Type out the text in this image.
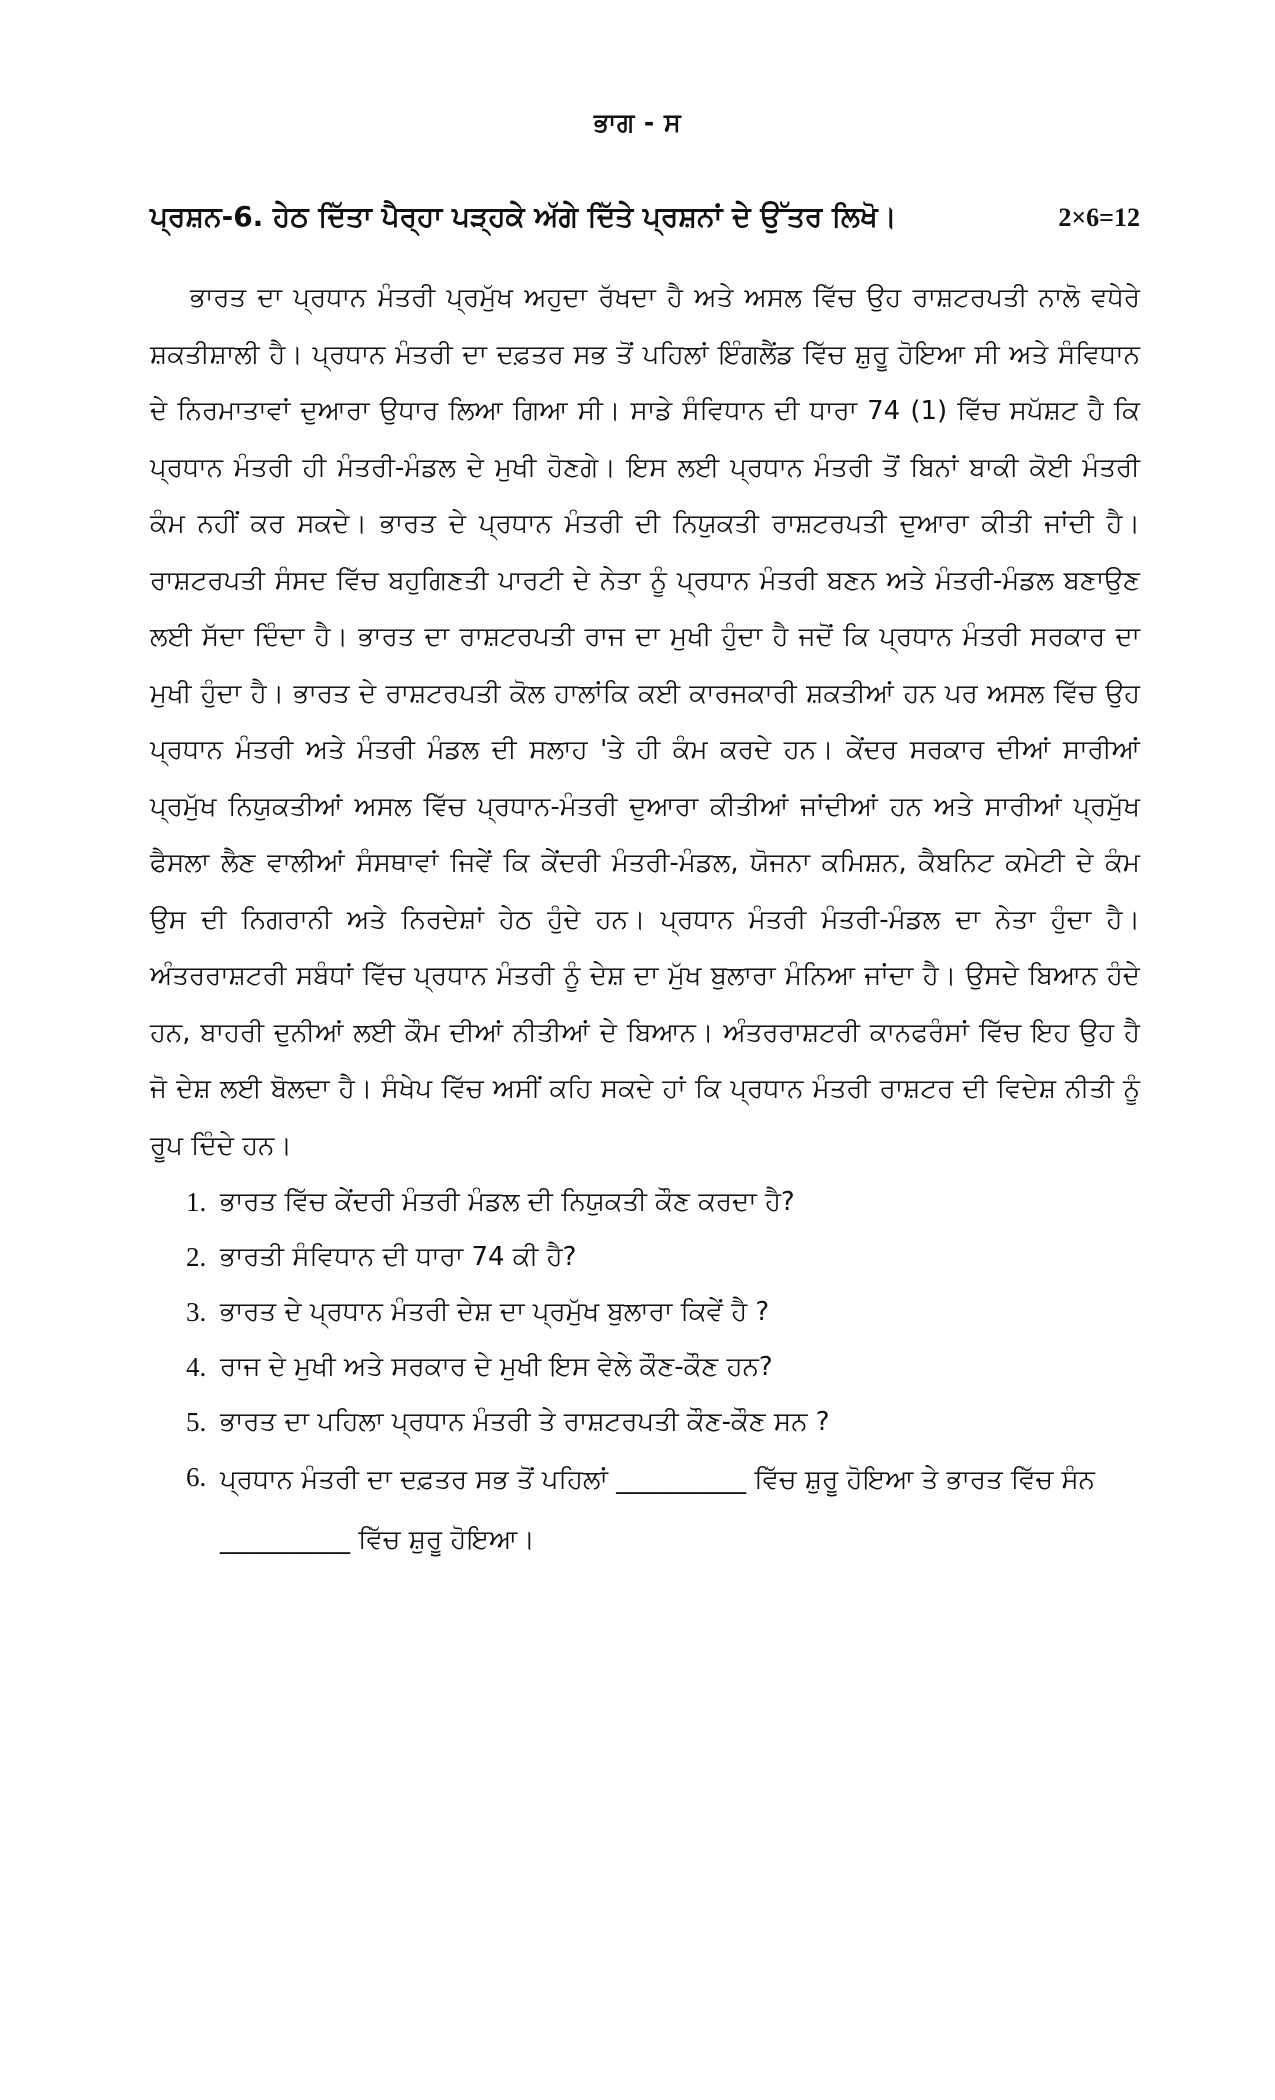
ਭਾਗ - ਸ
ਪ੍ਰਸ਼ਨ-6. ਹੇਠ ਦਿੱਤਾ ਪੈਰ੍ਹਾ ਪੜ੍ਹਕੇ ਅੱਗੇ ਦਿੱਤੇ ਪ੍ਰਸ਼ਨਾਂ ਦੇ ਉੱਤਰ ਲਿਖੋ।	2×6=12

ਭਾਰਤ ਦਾ ਪ੍ਰਧਾਨ ਮੰਤਰੀ ਪ੍ਰਮੁੱਖ ਅਹੁਦਾ ਰੱਖਦਾ ਹੈ ਅਤੇ ਅਸਲ ਵਿੱਚ ਉਹ ਰਾਸ਼ਟਰਪਤੀ ਨਾਲੋ ਵਧੇਰੇ ਸ਼ਕਤੀਸ਼ਾਲੀ ਹੈ। ਪ੍ਰਧਾਨ ਮੰਤਰੀ ਦਾ ਦਫ਼ਤਰ ਸਭ ਤੋਂ ਪਹਿਲਾਂ ਇੰਗਲੈਂਡ ਵਿੱਚ ਸ਼ੁਰੂ ਹੋਇਆ ਸੀ ਅਤੇ ਸੰਵਿਧਾਨ ਦੇ ਨਿਰਮਾਤਾਵਾਂ ਦੁਆਰਾ ਉਧਾਰ ਲਿਆ ਗਿਆ ਸੀ। ਸਾਡੇ ਸੰਵਿਧਾਨ ਦੀ ਧਾਰਾ 74 (1) ਵਿੱਚ ਸਪੱਸ਼ਟ ਹੈ ਕਿ ਪ੍ਰਧਾਨ ਮੰਤਰੀ ਹੀ ਮੰਤਰੀ-ਮੰਡਲ ਦੇ ਮੁਖੀ ਹੋਣਗੇ। ਇਸ ਲਈ ਪ੍ਰਧਾਨ ਮੰਤਰੀ ਤੋਂ ਬਿਨਾਂ ਬਾਕੀ ਕੋਈ ਮੰਤਰੀ ਕੰਮ ਨਹੀਂ ਕਰ ਸਕਦੇ। ਭਾਰਤ ਦੇ ਪ੍ਰਧਾਨ ਮੰਤਰੀ ਦੀ ਨਿਯੁਕਤੀ ਰਾਸ਼ਟਰਪਤੀ ਦੁਆਰਾ ਕੀਤੀ ਜਾਂਦੀ ਹੈ। ਰਾਸ਼ਟਰਪਤੀ ਸੰਸਦ ਵਿੱਚ ਬਹੁਗਿਣਤੀ ਪਾਰਟੀ ਦੇ ਨੇਤਾ ਨੂੰ ਪ੍ਰਧਾਨ ਮੰਤਰੀ ਬਣਨ ਅਤੇ ਮੰਤਰੀ-ਮੰਡਲ ਬਣਾਉਣ ਲਈ ਸੱਦਾ ਦਿੰਦਾ ਹੈ। ਭਾਰਤ ਦਾ ਰਾਸ਼ਟਰਪਤੀ ਰਾਜ ਦਾ ਮੁਖੀ ਹੁੰਦਾ ਹੈ ਜਦੋਂ ਕਿ ਪ੍ਰਧਾਨ ਮੰਤਰੀ ਸਰਕਾਰ ਦਾ ਮੁਖੀ ਹੁੰਦਾ ਹੈ। ਭਾਰਤ ਦੇ ਰਾਸ਼ਟਰਪਤੀ ਕੋਲ ਹਾਲਾਂਕਿ ਕਈ ਕਾਰਜਕਾਰੀ ਸ਼ਕਤੀਆਂ ਹਨ ਪਰ ਅਸਲ ਵਿੱਚ ਉਹ ਪ੍ਰਧਾਨ ਮੰਤਰੀ ਅਤੇ ਮੰਤਰੀ ਮੰਡਲ ਦੀ ਸਲਾਹ 'ਤੇ ਹੀ ਕੰਮ ਕਰਦੇ ਹਨ। ਕੇਂਦਰ ਸਰਕਾਰ ਦੀਆਂ ਸਾਰੀਆਂ ਪ੍ਰਮੁੱਖ ਨਿਯੁਕਤੀਆਂ ਅਸਲ ਵਿੱਚ ਪ੍ਰਧਾਨ-ਮੰਤਰੀ ਦੁਆਰਾ ਕੀਤੀਆਂ ਜਾਂਦੀਆਂ ਹਨ ਅਤੇ ਸਾਰੀਆਂ ਪ੍ਰਮੁੱਖ ਫੈਸਲਾ ਲੈਣ ਵਾਲੀਆਂ ਸੰਸਥਾਵਾਂ ਜਿਵੇਂ ਕਿ ਕੇਂਦਰੀ ਮੰਤਰੀ-ਮੰਡਲ, ਯੋਜਨਾ ਕਮਿਸ਼ਨ, ਕੈਬਨਿਟ ਕਮੇਟੀ ਦੇ ਕੰਮ ਉਸ ਦੀ ਨਿਗਰਾਨੀ ਅਤੇ ਨਿਰਦੇਸ਼ਾਂ ਹੇਠ ਹੁੰਦੇ ਹਨ। ਪ੍ਰਧਾਨ ਮੰਤਰੀ ਮੰਤਰੀ-ਮੰਡਲ ਦਾ ਨੇਤਾ ਹੁੰਦਾ ਹੈ। ਅੰਤਰਰਾਸ਼ਟਰੀ ਸਬੰਧਾਂ ਵਿੱਚ ਪ੍ਰਧਾਨ ਮੰਤਰੀ ਨੂੰ ਦੇਸ਼ ਦਾ ਮੁੱਖ ਬੁਲਾਰਾ ਮੰਨਿਆ ਜਾਂਦਾ ਹੈ। ਉਸਦੇ ਬਿਆਨ ਹੰਦੇ ਹਨ, ਬਾਹਰੀ ਦੁਨੀਆਂ ਲਈ ਕੌਮ ਦੀਆਂ ਨੀਤੀਆਂ ਦੇ ਬਿਆਨ। ਅੰਤਰਰਾਸ਼ਟਰੀ ਕਾਨਫਰੰਸਾਂ ਵਿੱਚ ਇਹ ਉਹ ਹੈ ਜੋ ਦੇਸ਼ ਲਈ ਬੋਲਦਾ ਹੈ। ਸੰਖੇਪ ਵਿੱਚ ਅਸੀਂ ਕਹਿ ਸਕਦੇ ਹਾਂ ਕਿ ਪ੍ਰਧਾਨ ਮੰਤਰੀ ਰਾਸ਼ਟਰ ਦੀ ਵਿਦੇਸ਼ ਨੀਤੀ ਨੂੰ ਰੂਪ ਦਿੰਦੇ ਹਨ।

1. ਭਾਰਤ ਵਿੱਚ ਕੇਂਦਰੀ ਮੰਤਰੀ ਮੰਡਲ ਦੀ ਨਿਯੁਕਤੀ ਕੌਣ ਕਰਦਾ ਹੈ?
2. ਭਾਰਤੀ ਸੰਵਿਧਾਨ ਦੀ ਧਾਰਾ 74 ਕੀ ਹੈ?
3. ਭਾਰਤ ਦੇ ਪ੍ਰਧਾਨ ਮੰਤਰੀ ਦੇਸ਼ ਦਾ ਪ੍ਰਮੁੱਖ ਬੁਲਾਰਾ ਕਿਵੇਂ ਹੈ ?
4. ਰਾਜ ਦੇ ਮੁਖੀ ਅਤੇ ਸਰਕਾਰ ਦੇ ਮੁਖੀ ਇਸ ਵੇਲੇ ਕੌਣ-ਕੌਣ ਹਨ?
5. ਭਾਰਤ ਦਾ ਪਹਿਲਾ ਪ੍ਰਧਾਨ ਮੰਤਰੀ ਤੇ ਰਾਸ਼ਟਰਪਤੀ ਕੌਣ-ਕੌਣ ਸਨ ?
6. ਪ੍ਰਧਾਨ ਮੰਤਰੀ ਦਾ ਦਫ਼ਤਰ ਸਭ ਤੋਂ ਪਹਿਲਾਂ __________ ਵਿੱਚ ਸ਼ੁਰੂ ਹੋਇਆ ਤੇ ਭਾਰਤ ਵਿੱਚ ਸੰਨ __________ ਵਿੱਚ ਸ਼ੁਰੂ ਹੋਇਆ।
